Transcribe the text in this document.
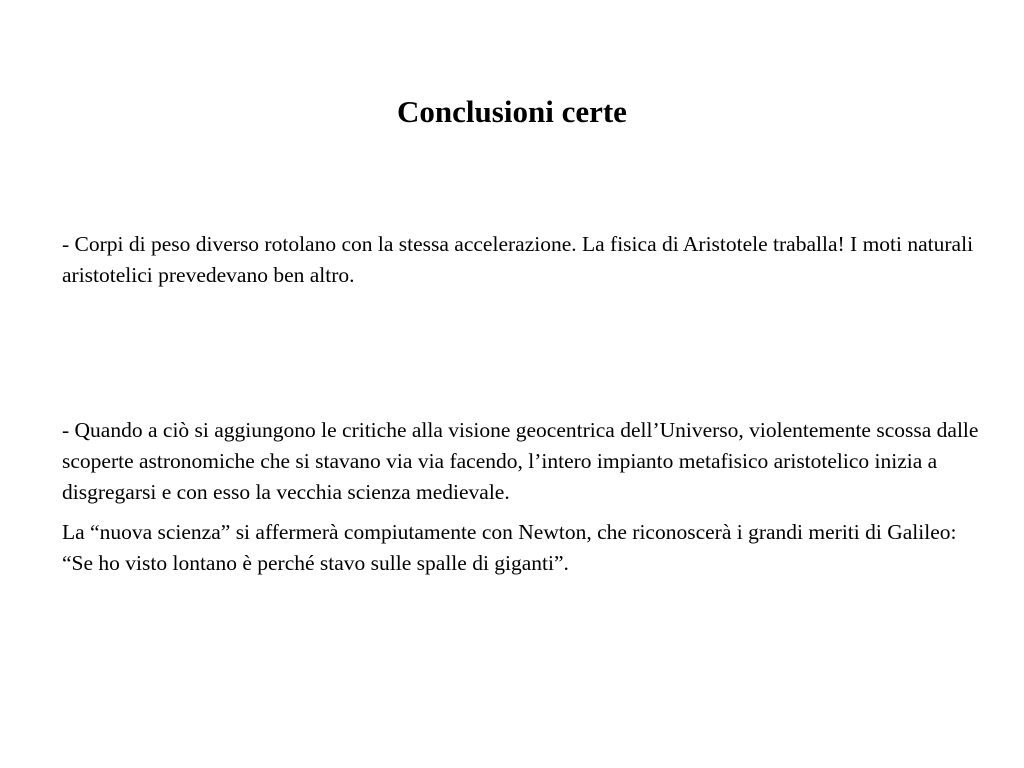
Conclusioni certe

- Corpi di peso diverso rotolano con la stessa accelerazione. La fisica di Aristotele traballa! I moti naturali aristotelici prevedevano ben altro.

- Quando a ciò si aggiungono le critiche alla visione geocentrica dell’Universo, violentemente scossa dalle scoperte astronomiche che si stavano via via facendo, l’intero impianto metafisico aristotelico inizia a disgregarsi e con esso la vecchia scienza medievale.

La “nuova scienza” si affermerà compiutamente con Newton, che riconoscerà i grandi meriti di Galileo: “Se ho visto lontano è perché stavo sulle spalle di giganti”.
